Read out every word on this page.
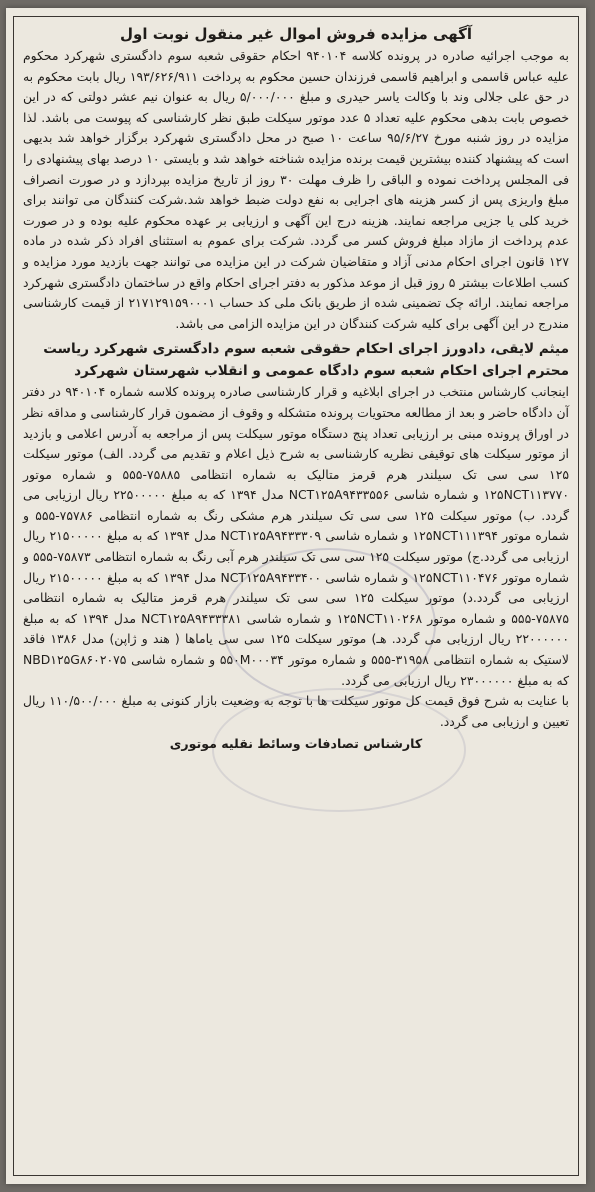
آگهی مزایده فروش اموال غیر منقول نوبت اول

به موجب اجرائیه صادره در پرونده کلاسه ۹۴۰۱۰۴ احکام حقوقی شعبه سوم دادگستری شهرکرد محکوم علیه عباس قاسمی و ابراهیم قاسمی فرزندان حسین محکوم به پرداخت ۱۹۳/۶۲۶/۹۱۱ ریال بابت محکوم به در حق علی جلالی وند با وکالت یاسر حیدری و مبلغ ۵/۰۰۰/۰۰۰ ریال به عنوان نیم عشر دولتی که در این خصوص بابت بدهی محکوم علیه تعداد ۵ عدد موتور سیکلت طبق نظر کارشناسی که پیوست می باشد. لذا مزایده در روز شنبه مورخ ۹۵/۶/۲۷ ساعت ۱۰ صبح در محل دادگستری شهرکرد برگزار خواهد شد بدیهی است که پیشنهاد کننده بیشترین قیمت برنده مزایده شناخته خواهد شد و بایستی ۱۰ درصد بهای پیشنهادی را فی المجلس پرداخت نموده و الباقی را ظرف مهلت ۳۰ روز از تاریخ مزایده بپردازد و در صورت انصراف مبلغ واریزی پس از کسر هزینه های اجرایی به نفع دولت ضبط خواهد شد.شرکت کنندگان می توانند برای خرید کلی یا جزیی مراجعه نمایند. هزینه درج این آگهی و ارزیابی بر عهده محکوم علیه بوده و در صورت عدم پرداخت از مازاد مبلغ فروش کسر می گردد. شرکت برای عموم به استثنای افراد ذکر شده در ماده ۱۲۷ قانون اجرای احکام مدنی آزاد و متقاضیان شرکت در این مزایده می توانند جهت بازدید مورد مزایده و کسب اطلاعات بیشتر ۵ روز قبل از موعد مذکور به دفتر اجرای احکام واقع در ساختمان دادگستری شهرکرد مراجعه نمایند. ارائه چک تضمینی شده از طریق بانک ملی کد حساب ۲۱۷۱۲۹۱۵۹۰۰۰۱ از قیمت کارشناسی مندرج در این آگهی برای کلیه شرکت کنندگان در این مزایده الزامی می باشد.

میثم لایقی، دادورز اجرای احکام حقوقی شعبه سوم دادگستری شهرکرد ریاست محترم اجرای احکام شعبه سوم دادگاه عمومی و انقلاب شهرستان شهرکرد

اینجانب کارشناس منتخب در اجرای ابلاغیه و قرار کارشناسی صادره پرونده کلاسه شماره ۹۴۰۱۰۴ در دفتر آن دادگاه حاضر و بعد از مطالعه محتویات پرونده متشکله و وقوف از مضمون قرار کارشناسی و مداقه نظر در اوراق پرونده مبنی بر ارزیابی تعداد پنج دستگاه موتور سیکلت پس از مراجعه به آدرس اعلامی و بازدید از موتور سیکلت های توقیفی نظریه کارشناسی به شرح ذیل اعلام و تقدیم می گردد. الف) موتور سیکلت ۱۲۵ سی سی تک سیلندر هرم قرمز متالیک به شماره انتظامی ۷۵۸۸۵-۵۵۵ و شماره موتور ۱۲۵NCT۱۱۳۷۷۰ و شماره شاسی NCT۱۲۵A۹۴۳۳۵۵۶ مدل ۱۳۹۴ که به مبلغ ۲۲۵۰۰۰۰۰ ریال ارزیابی می گردد. ب) موتور سیکلت ۱۲۵ سی سی تک سیلندر هرم مشکی رنگ به شماره انتظامی ۷۵۷۸۶-۵۵۵ و شماره موتور ۱۲۵NCT۱۱۱۳۹۴ و شماره شاسی NCT۱۲۵A۹۴۳۳۳۰۹ مدل ۱۳۹۴ که به مبلغ ۲۱۵۰۰۰۰۰ ریال ارزیابی می گردد.ج) موتور سیکلت ۱۲۵ سی سی تک سیلندر هرم آبی رنگ به شماره انتظامی ۷۵۸۷۳-۵۵۵ و شماره موتور ۱۲۵NCT۱۱۰۴۷۶ و شماره شاسی NCT۱۲۵A۹۴۳۳۴۰۰ مدل ۱۳۹۴ که به مبلغ ۲۱۵۰۰۰۰۰ ریال ارزیابی می گردد.د) موتور سیکلت ۱۲۵ سی سی تک سیلندر هرم قرمز متالیک به شماره انتظامی ۷۵۸۷۵-۵۵۵ و شماره موتور ۱۲۵NCT۱۱۰۲۶۸ و شماره شاسی NCT۱۲۵A۹۴۳۳۳۸۱ مدل ۱۳۹۴ که به مبلغ ۲۲۰۰۰۰۰۰ ریال ارزیابی می گردد. هـ) موتور سیکلت ۱۲۵ سی سی یاماها ( هند و ژاپن) مدل ۱۳۸۶ فاقد لاستیک به شماره انتظامی ۳۱۹۵۸-۵۵۵ و شماره موتور ۵۵۰M۰۰۰۳۴ و شماره شاسی NBD۱۲۵G۸۶۰۲۰۷۵ که به مبلغ ۲۳۰۰۰۰۰۰ ریال ارزیابی می گردد.

با عنایت به شرح فوق قیمت کل موتور سیکلت ها با توجه به وضعیت بازار کنونی به مبلغ ۱۱۰/۵۰۰/۰۰۰ ریال تعیین و ارزیابی می گردد.

کارشناس تصادفات وسائط نقلیه موتوری
